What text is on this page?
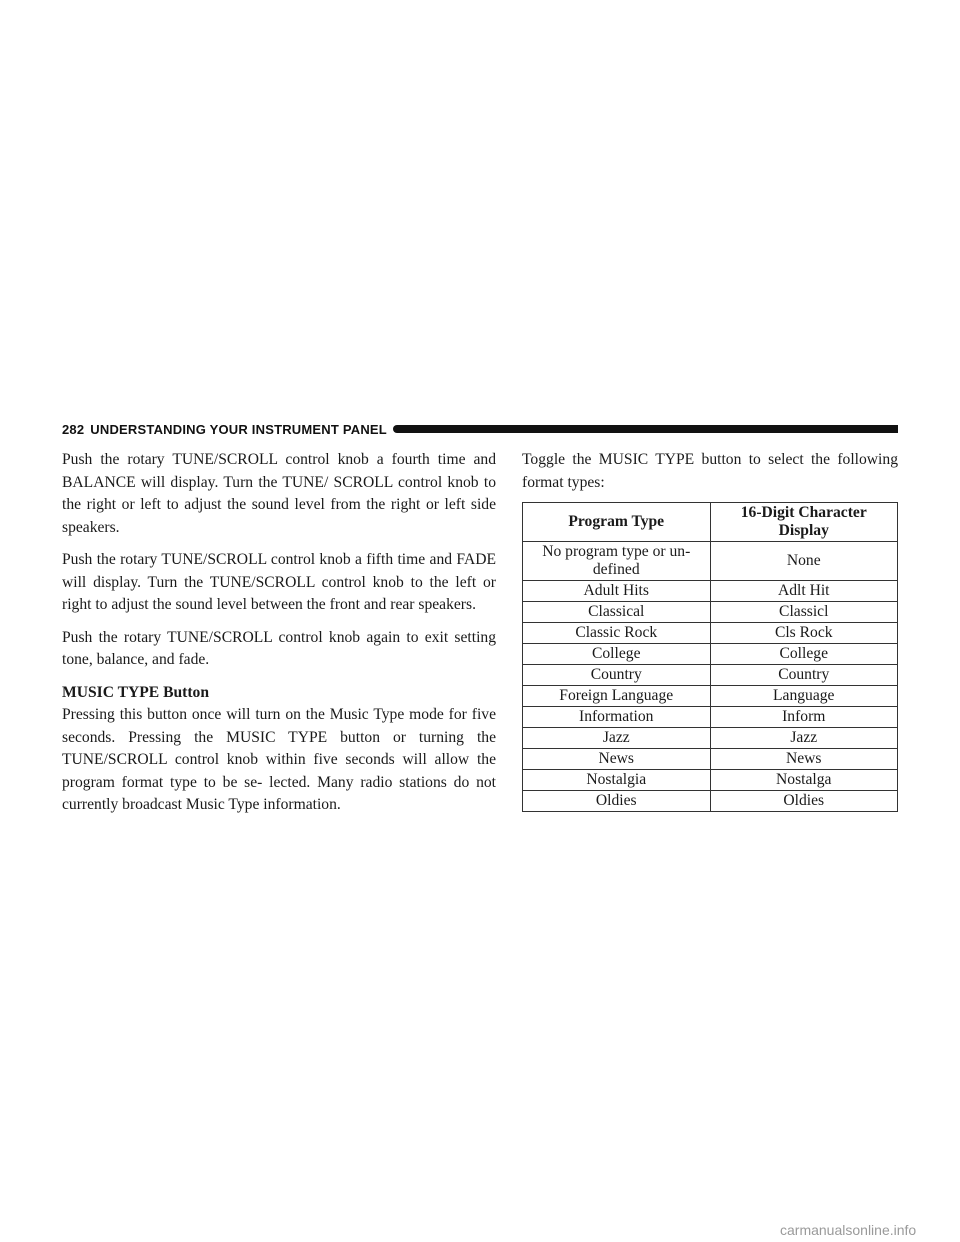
282 UNDERSTANDING YOUR INSTRUMENT PANEL

Push the rotary TUNE/SCROLL control knob a fourth time and BALANCE will display. Turn the TUNE/ SCROLL control knob to the right or left to adjust the sound level from the right or left side speakers.

Push the rotary TUNE/SCROLL control knob a fifth time and FADE will display. Turn the TUNE/SCROLL control knob to the left or right to adjust the sound level between the front and rear speakers.

Push the rotary TUNE/SCROLL control knob again to exit setting tone, balance, and fade.

MUSIC TYPE Button

Pressing this button once will turn on the Music Type mode for five seconds. Pressing the MUSIC TYPE button or turning the TUNE/SCROLL control knob within five seconds will allow the program format type to be se- lected. Many radio stations do not currently broadcast Music Type information.

Toggle the MUSIC TYPE button to select the following format types:

Program Type	16-Digit Character Display
No program type or un- defined	None
Adult Hits	Adlt Hit
Classical	Classicl
Classic Rock	Cls Rock
College	College
Country	Country
Foreign Language	Language
Information	Inform
Jazz	Jazz
News	News
Nostalgia	Nostalga
Oldies	Oldies
carmanualsonline.info
